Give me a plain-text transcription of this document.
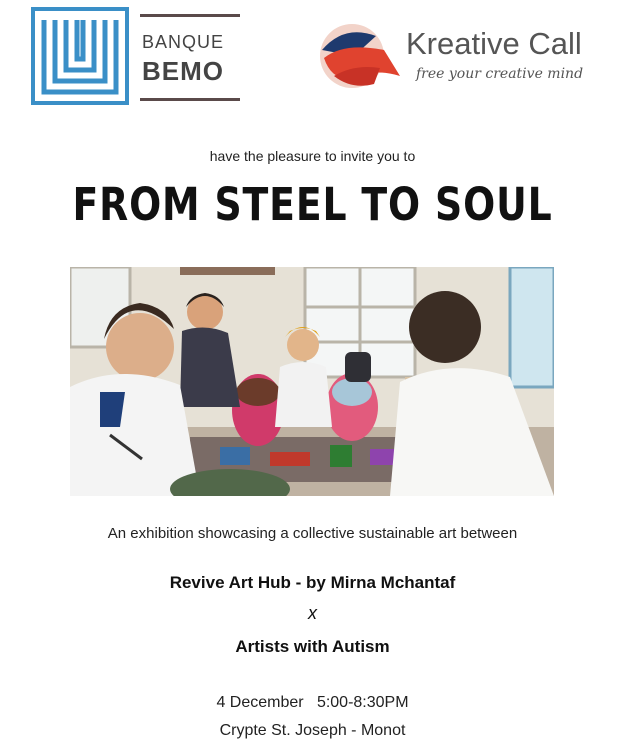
BANQUE
BEMO
Kreative Call
free your creative mind
have the pleasure to invite you to
FROM STEEL TO SOUL
An exhibition showcasing a collective sustainable art between
Revive Art Hub - by Mirna Mchantaf
x
Artists with Autism
4 December 5:00-8:30PM
Crypte St. Joseph - Monot
